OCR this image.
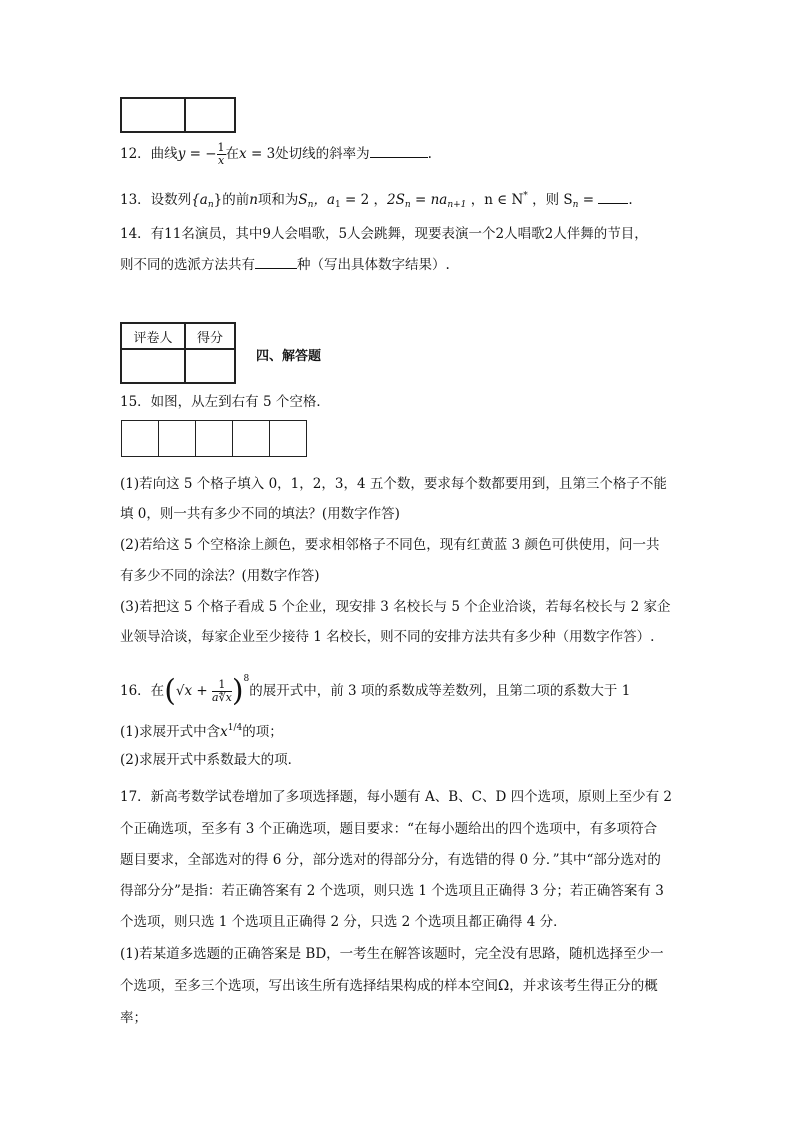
12．曲线y = − $\frac{1}{x}$ 在x = 3处切线的斜率为	.
13．设数列$\{a_n\}$的前n项和为$S_n$，$a_1 = 2$ ，$2S_n = na_{n+1}$ ，n ∈ N* ，则 $S_n$ = .
14．有11名演员，其中9人会唱歌，5人会跳舞，现要表演一个2人唱歌2人伴舞的节目，
则不同的选派方法共有	种（写出具体数字结果）.
评卷人	得分

四、解答题
15．如图，从左到右有 5 个空格．

(1)若向这 5 个格子填入 0，1，2，3，4 五个数，要求每个数都要用到，且第三个格子不能
填 0，则一共有多少不同的填法？(用数字作答)
(2)若给这 5 个空格涂上颜色，要求相邻格子不同色，现有红黄蓝 3 颜色可供使用，问一共
有多少不同的涂法？(用数字作答)
(3)若把这 5 个格子看成 5 个企业，现安排 3 名校长与 5 个企业洽谈，若每名校长与 2 家企
业领导洽谈，每家企业至少接待 1 名校长，则不同的安排方法共有多少种（用数字作答）.
16．在$(√x + \frac{1}{a∜x} )^8$的展开式中，前 3 项的系数成等差数列，且第二项的系数大于 1
(1)求展开式中含$x^{1/4}$的项；
(2)求展开式中系数最大的项．
17．新高考数学试卷增加了多项选择题，每小题有 A、B、C、D 四个选项，原则上至少有 2
个正确选项，至多有 3 个正确选项，题目要求：“在每小题给出的四个选项中，有多项符合
题目要求，全部选对的得 6 分，部分选对的得部分分，有选错的得 0 分．”其中“部分选对的
得部分分”是指：若正确答案有 2 个选项，则只选 1 个选项且正确得 3 分；若正确答案有 3
个选项，则只选 1 个选项且正确得 2 分，只选 2 个选项且都正确得 4 分．
(1)若某道多选题的正确答案是 BD，一考生在解答该题时，完全没有思路，随机选择至少一
个选项，至多三个选项，写出该生所有选择结果构成的样本空间Ω，并求该考生得正分的概
率；
